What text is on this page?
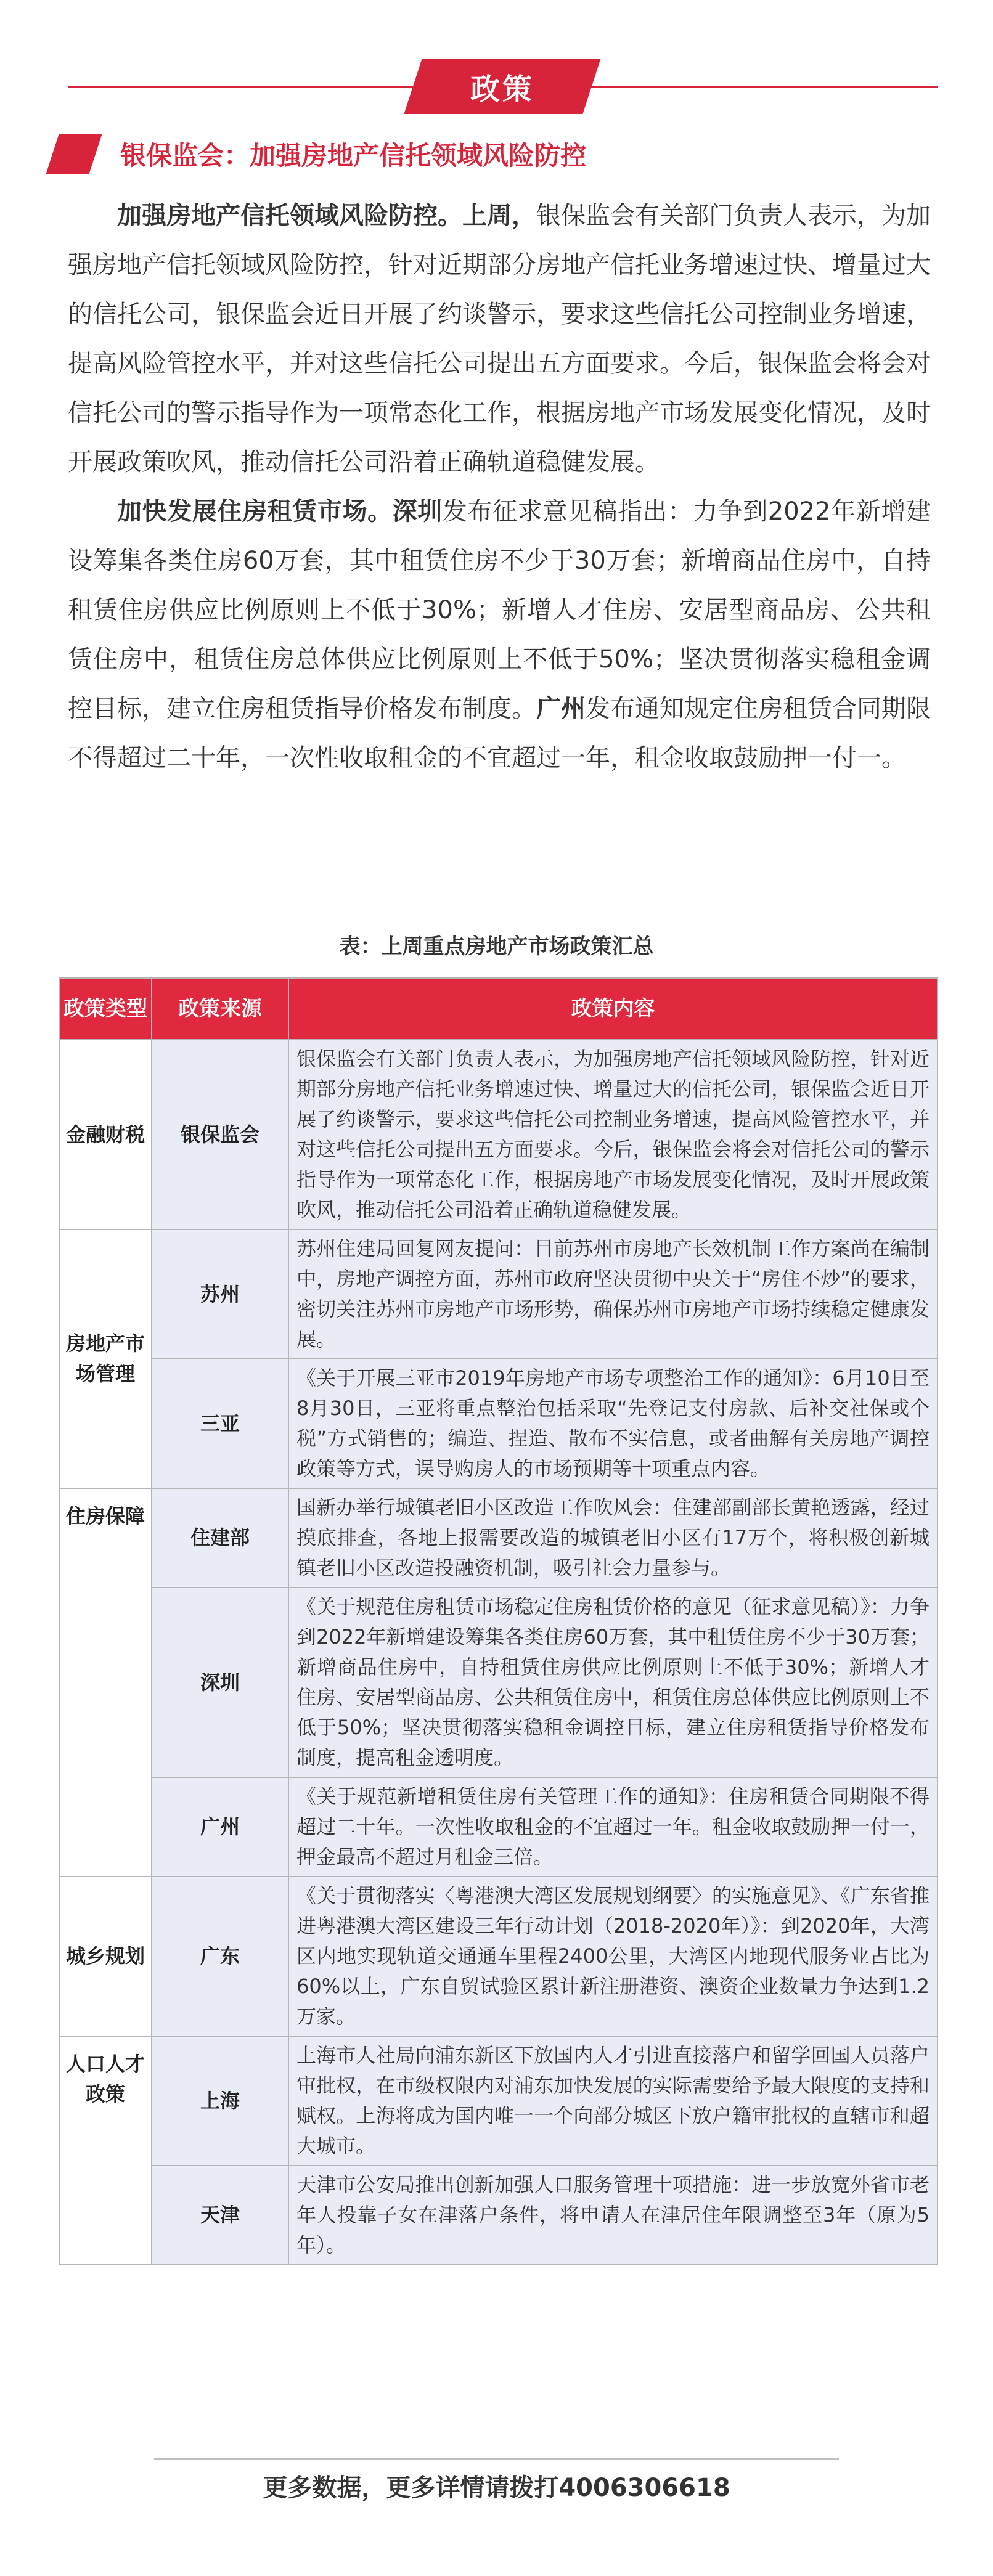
政策
银保监会：加强房地产信托领域风险防控

加强房地产信托领域风险防控。上周，银保监会有关部门负责人表示，为加强房地产信托领域风险防控，针对近期部分房地产信托业务增速过快、增量过大的信托公司，银保监会近日开展了约谈警示，要求这些信托公司控制业务增速，提高风险管控水平，并对这些信托公司提出五方面要求。今后，银保监会将会对信托公司的警示指导作为一项常态化工作，根据房地产市场发展变化情况，及时开展政策吹风，推动信托公司沿着正确轨道稳健发展。

加快发展住房租赁市场。深圳发布征求意见稿指出：力争到2022年新增建设筹集各类住房60万套，其中租赁住房不少于30万套；新增商品住房中，自持租赁住房供应比例原则上不低于30%；新增人才住房、安居型商品房、公共租赁住房中，租赁住房总体供应比例原则上不低于50%；坚决贯彻落实稳租金调控目标，建立住房租赁指导价格发布制度。广州发布通知规定住房租赁合同期限不得超过二十年，一次性收取租金的不宜超过一年，租金收取鼓励押一付一。

表：上周重点房地产市场政策汇总
政策类型	政策来源	政策内容
金融财税	银保监会	银保监会有关部门负责人表示，为加强房地产信托领域风险防控，针对近期部分房地产信托业务增速过快、增量过大的信托公司，银保监会近日开展了约谈警示，要求这些信托公司控制业务增速，提高风险管控水平，并对这些信托公司提出五方面要求。今后，银保监会将会对信托公司的警示指导作为一项常态化工作，根据房地产市场发展变化情况，及时开展政策吹风，推动信托公司沿着正确轨道稳健发展。
房地产市场管理	苏州	苏州住建局回复网友提问：目前苏州市房地产长效机制工作方案尚在编制中，房地产调控方面，苏州市政府坚决贯彻中央关于“房住不炒”的要求，密切关注苏州市房地产市场形势，确保苏州市房地产市场持续稳定健康发展。
	三亚	《关于开展三亚市2019年房地产市场专项整治工作的通知》：6月10日至8月30日，三亚将重点整治包括采取“先登记支付房款、后补交社保或个税”方式销售的；编造、捏造、散布不实信息，或者曲解有关房地产调控政策等方式，误导购房人的市场预期等十项重点内容。
住房保障	住建部	国新办举行城镇老旧小区改造工作吹风会：住建部副部长黄艳透露，经过摸底排查，各地上报需要改造的城镇老旧小区有17万个，将积极创新城镇老旧小区改造投融资机制，吸引社会力量参与。
	深圳	《关于规范住房租赁市场稳定住房租赁价格的意见（征求意见稿）》：力争到2022年新增建设筹集各类住房60万套，其中租赁住房不少于30万套；新增商品住房中，自持租赁住房供应比例原则上不低于30%；新增人才住房、安居型商品房、公共租赁住房中，租赁住房总体供应比例原则上不低于50%；坚决贯彻落实稳租金调控目标，建立住房租赁指导价格发布制度，提高租金透明度。
	广州	《关于规范新增租赁住房有关管理工作的通知》：住房租赁合同期限不得超过二十年。一次性收取租金的不宜超过一年。租金收取鼓励押一付一，押金最高不超过月租金三倍。
城乡规划	广东	《关于贯彻落实〈粤港澳大湾区发展规划纲要〉的实施意见》、《广东省推进粤港澳大湾区建设三年行动计划（2018-2020年）》：到2020年，大湾区内地实现轨道交通通车里程2400公里，大湾区内地现代服务业占比为60%以上，广东自贸试验区累计新注册港资、澳资企业数量力争达到1.2万家。
人口人才政策	上海	上海市人社局向浦东新区下放国内人才引进直接落户和留学回国人员落户审批权，在市级权限内对浦东加快发展的实际需要给予最大限度的支持和赋权。上海将成为国内唯一一个向部分城区下放户籍审批权的直辖市和超大城市。
	天津	天津市公安局推出创新加强人口服务管理十项措施：进一步放宽外省市老年人投靠子女在津落户条件，将申请人在津居住年限调整至3年（原为5年）。
更多数据，更多详情请拨打4006306618
